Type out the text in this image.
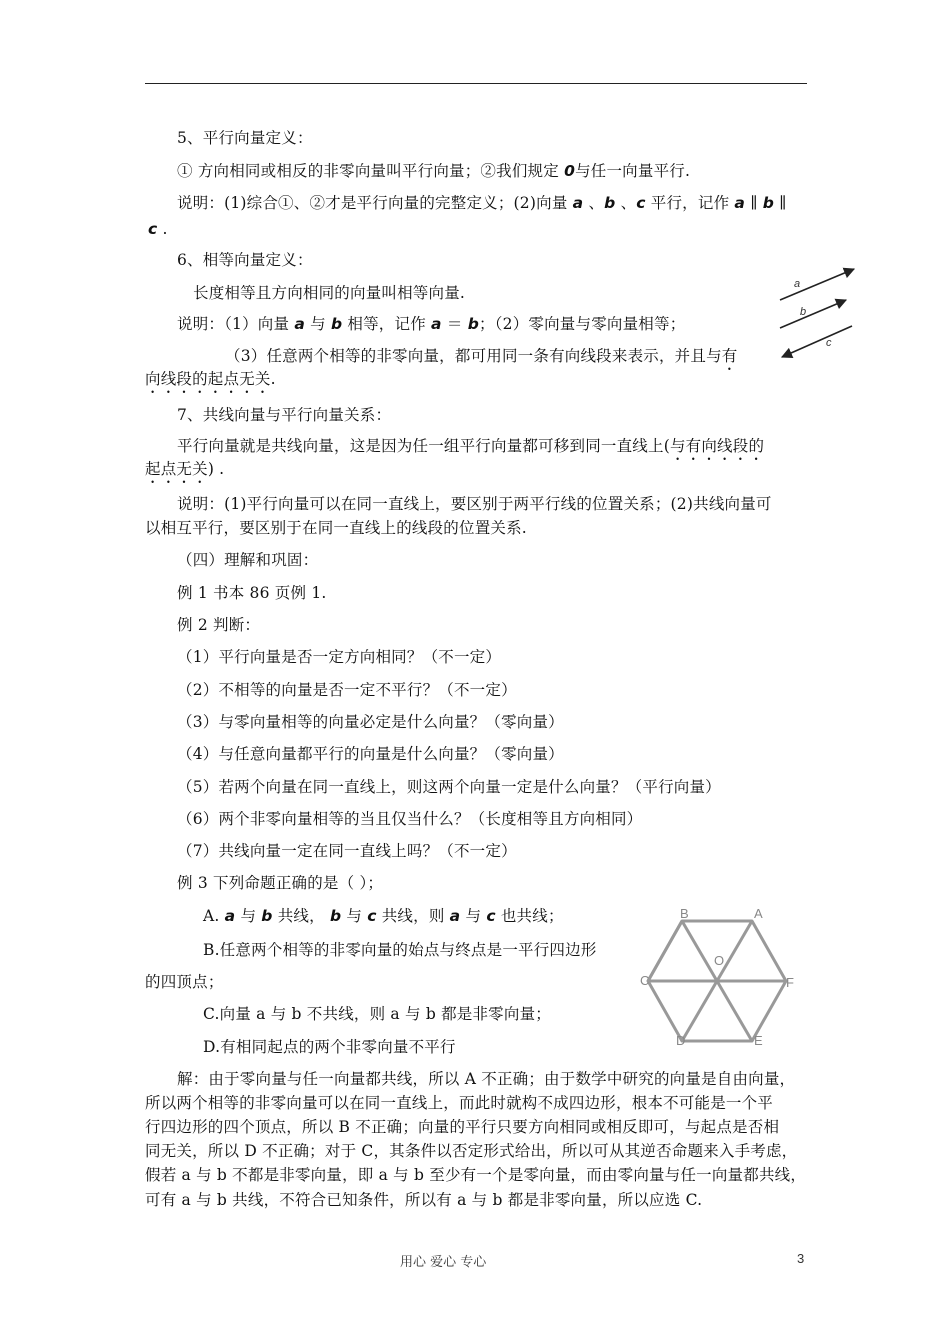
5、平行向量定义：
① 方向相同或相反的非零向量叫平行向量；②我们规定 0与任一向量平行.
说明：(1)综合①、②才是平行向量的完整定义；(2)向量 a 、b 、c 平行，记作 a ∥ b ∥
c .
6、相等向量定义：
长度相等且方向相同的向量叫相等向量.
说明：（1）向量 a 与 b 相等，记作 a ＝ b；（2）零向量与零向量相等；
（3）任意两个相等的非零向量，都可用同一条有向线段来表示，并且与有
向线段的起点无关.
a
b
c
7、共线向量与平行向量关系：
平行向量就是共线向量，这是因为任一组平行向量都可移到同一直线上(与有向线段的
起点无关) .
说明：(1)平行向量可以在同一直线上，要区别于两平行线的位置关系；(2)共线向量可
以相互平行，要区别于在同一直线上的线段的位置关系.
（四）理解和巩固：
例 1 书本 86 页例 1.
例 2 判断：
（1）平行向量是否一定方向相同？（不一定）
（2）不相等的向量是否一定不平行？（不一定）
（3）与零向量相等的向量必定是什么向量？（零向量）
（4）与任意向量都平行的向量是什么向量？（零向量）
（5）若两个向量在同一直线上，则这两个向量一定是什么向量？（平行向量）
（6）两个非零向量相等的当且仅当什么？（长度相等且方向相同）
（7）共线向量一定在同一直线上吗？（不一定）
例 3 下列命题正确的是（ ）；
A. a 与 b 共线， b 与 c 共线，则 a 与 c 也共线；
B.任意两个相等的非零向量的始点与终点是一平行四边形
的四顶点；
C.向量 a 与 b 不共线，则 a 与 b 都是非零向量；
D.有相同起点的两个非零向量不平行
B	A
C
O
F
D	E
解：由于零向量与任一向量都共线，所以 A 不正确；由于数学中研究的向量是自由向量，
所以两个相等的非零向量可以在同一直线上，而此时就构不成四边形，根本不可能是一个平
行四边形的四个顶点，所以 B 不正确；向量的平行只要方向相同或相反即可，与起点是否相
同无关，所以 D 不正确；对于 C，其条件以否定形式给出，所以可从其逆否命题来入手考虑，
假若 a 与 b 不都是非零向量，即 a 与 b 至少有一个是零向量，而由零向量与任一向量都共线，
可有 a 与 b 共线，不符合已知条件，所以有 a 与 b 都是非零向量，所以应选 C.
用心 爱心 专心	3
